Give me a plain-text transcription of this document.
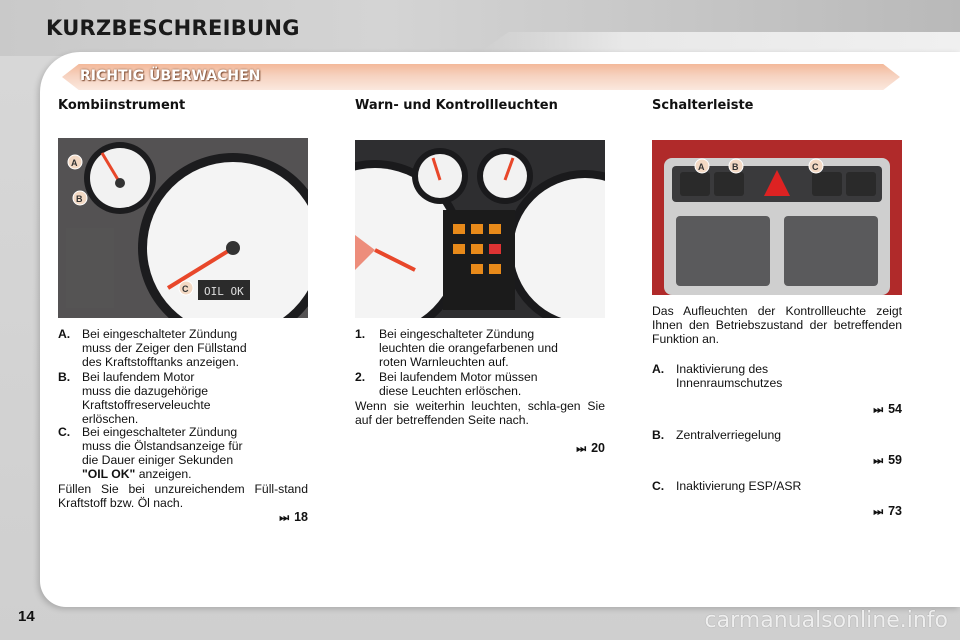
KURZBESCHREIBUNG
RICHTIG ÜBERWACHEN
Kombiinstrument
OIL OK
A
B
C
A. Bei eingeschalteter Zündung
muss der Zeiger den Füllstand
des Kraftstofftanks anzeigen.
B. Bei laufendem Motor
muss die dazugehörige
Kraftstoffreserveleuchte
erlöschen.
C. Bei eingeschalteter Zündung
muss die Ölstandsanzeige für
die Dauer einiger Sekunden
"OIL OK" anzeigen.
Füllen Sie bei unzureichendem Füll-stand Kraftstoff bzw. Öl nach.
⏭ 18
Warn- und Kontrollleuchten
1. Bei eingeschalteter Zündung
leuchten die orangefarbenen und
roten Warnleuchten auf.
2. Bei laufendem Motor müssen
diese Leuchten erlöschen.
Wenn sie weiterhin leuchten, schla-gen Sie auf der betreffenden Seite nach.
⏭ 20
Schalterleiste
A	B	C
Das Aufleuchten der Kontrollleuchte zeigt Ihnen den Betriebszustand der betreffenden Funktion an.
A. Inaktivierung des
Innenraumschutzes
⏭ 54
B. Zentralverriegelung
⏭ 59
C. Inaktivierung ESP/ASR
⏭ 73
14	carmanualsonline.info
